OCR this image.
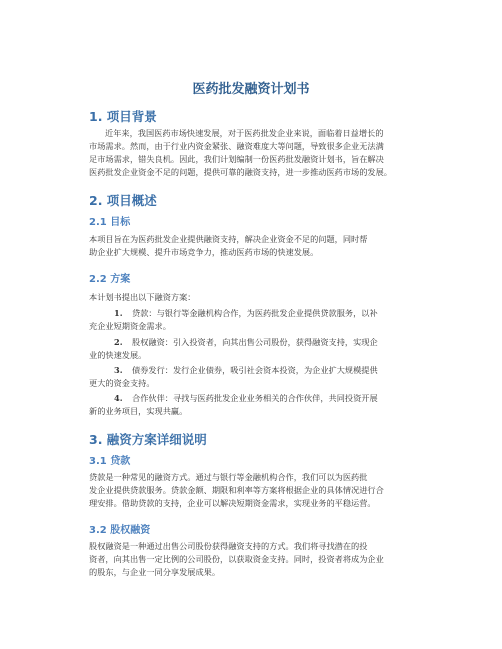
医药批发融资计划书
1. 项目背景
近年来，我国医药市场快速发展，对于医药批发企业来说，面临着日益增长的
市场需求。然而，由于行业内资金紧张、融资难度大等问题，导致很多企业无法满
足市场需求，错失良机。因此，我们计划编制一份医药批发融资计划书，旨在解决
医药批发企业资金不足的问题，提供可靠的融资支持，进一步推动医药市场的发展。
2. 项目概述
2.1 目标
本项目旨在为医药批发企业提供融资支持，解决企业资金不足的问题，同时帮
助企业扩大规模、提升市场竞争力，推动医药市场的快速发展。
2.2 方案
本计划书提出以下融资方案：
1.	贷款：与银行等金融机构合作，为医药批发企业提供贷款服务，以补
充企业短期资金需求。
2.	股权融资：引入投资者，向其出售公司股份，获得融资支持，实现企
业的快速发展。
3.	债券发行：发行企业债券，吸引社会资本投资，为企业扩大规模提供
更大的资金支持。
4.	合作伙伴：寻找与医药批发企业业务相关的合作伙伴，共同投资开展
新的业务项目，实现共赢。
3. 融资方案详细说明
3.1 贷款
贷款是一种常见的融资方式。通过与银行等金融机构合作，我们可以为医药批
发企业提供贷款服务。贷款金额、期限和利率等方案将根据企业的具体情况进行合
理安排。借助贷款的支持，企业可以解决短期资金需求，实现业务的平稳运营。
3.2 股权融资
股权融资是一种通过出售公司股份获得融资支持的方式。我们将寻找潜在的投
资者，向其出售一定比例的公司股份，以获取资金支持。同时，投资者将成为企业
的股东，与企业一同分享发展成果。
